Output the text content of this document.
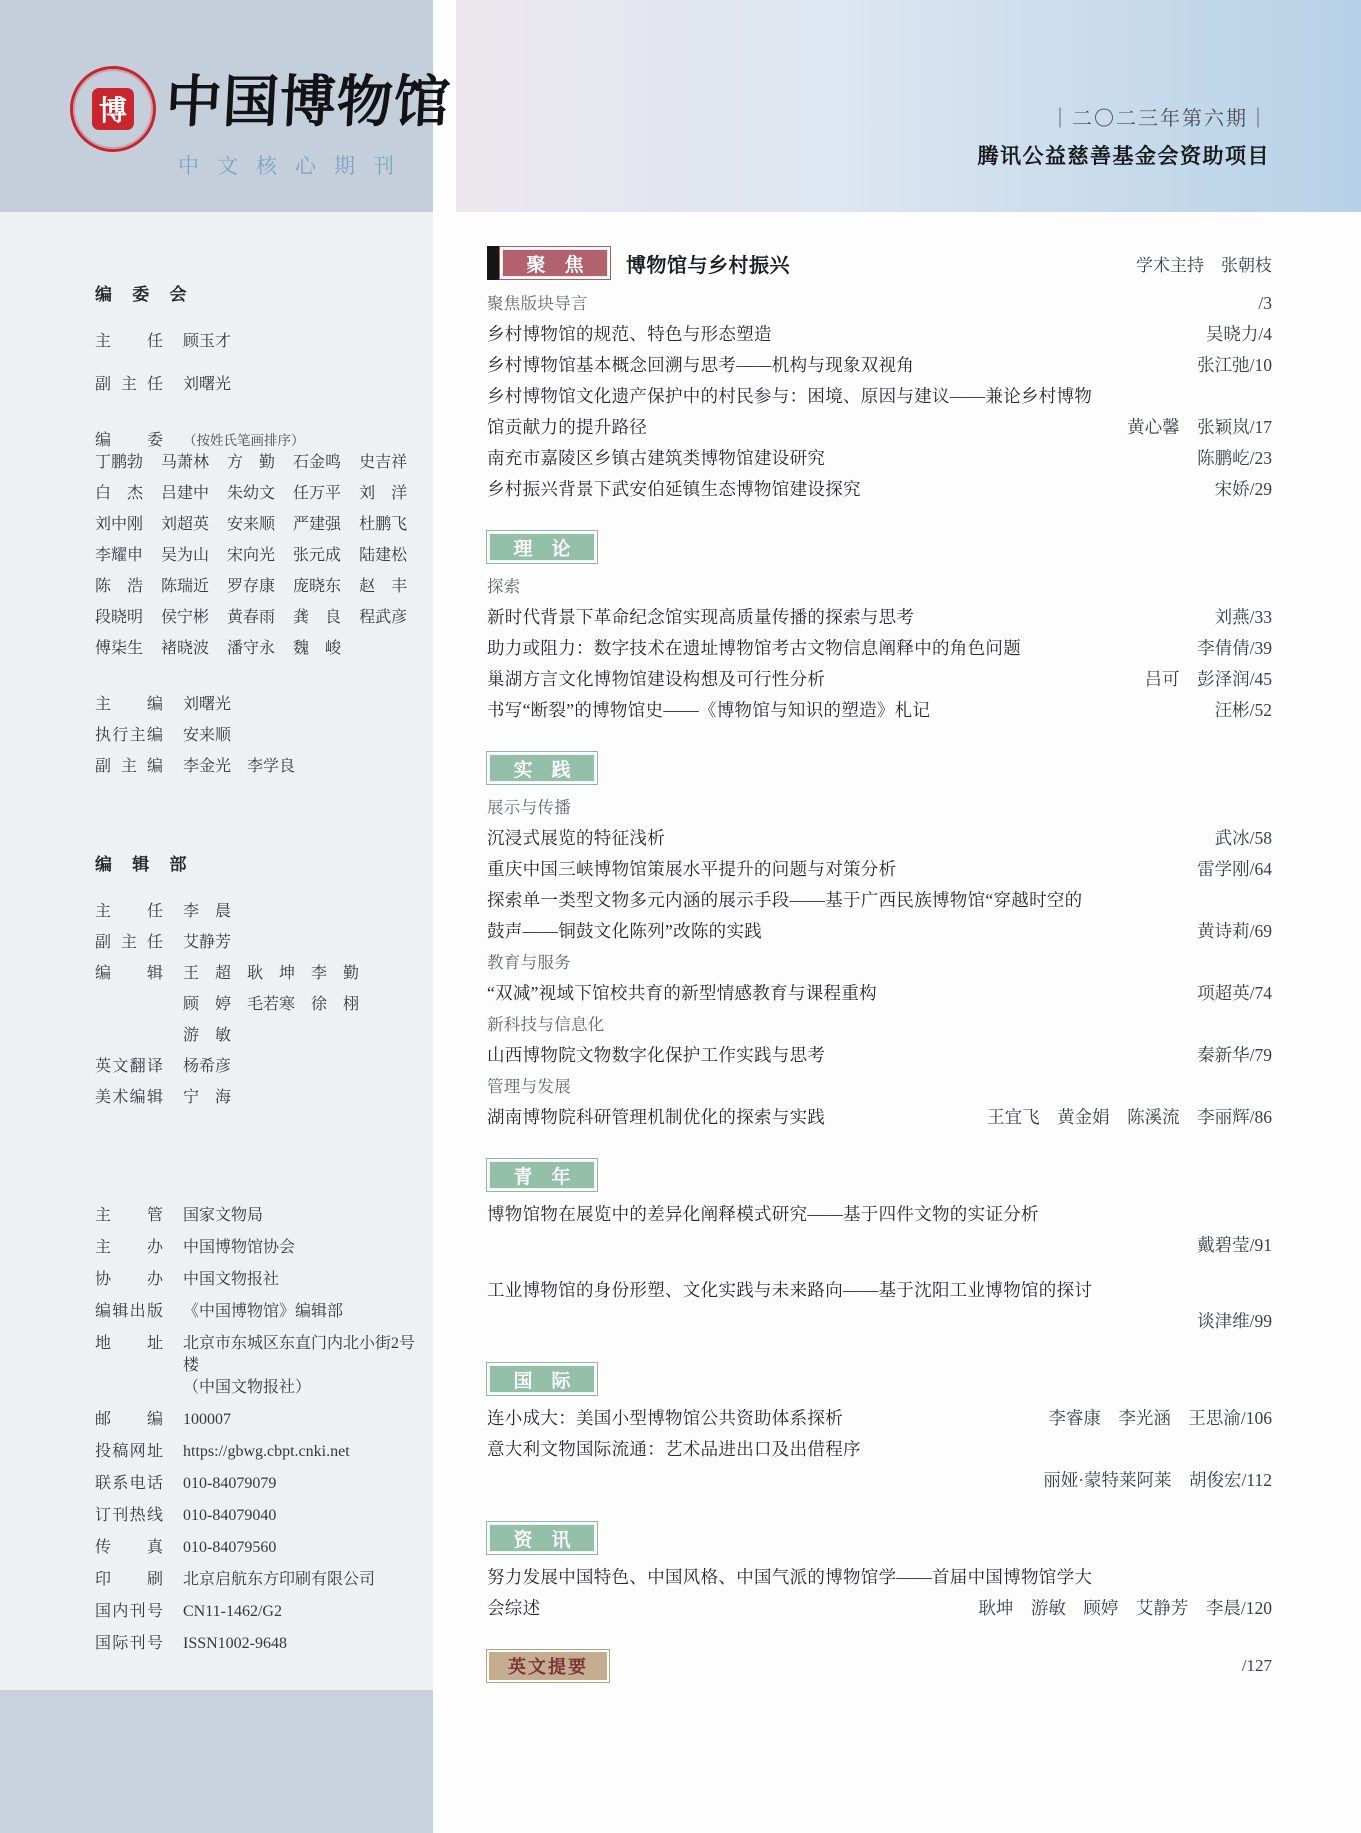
博 中国博物馆
中文核心期刊
｜二〇二三年第六期｜
腾讯公益慈善基金会资助项目
编 委 会
主任 顾玉才
副主任 刘曙光
编委 （按姓氏笔画排序）
丁鹏勃 马萧林 方　勤 石金鸣 史吉祥
白　杰 吕建中 朱幼文 任万平 刘　洋
刘中刚 刘超英 安来顺 严建强 杜鹏飞
李耀申 吴为山 宋向光 张元成 陆建松
陈　浩 陈瑞近 罗存康 庞晓东 赵　丰
段晓明 侯宁彬 黄春雨 龚　良 程武彦
傅柒生 褚晓波 潘守永 魏　峻
主编 刘曙光
执行主编 安来顺
副主编 李金光　李学良
编 辑 部
主任 李　晨
副主任 艾静芳
编辑 王　超　耿　坤　李　勤
顾　婷　毛若寒　徐　栩
游　敏
英文翻译 杨希彦
美术编辑 宁　海
主管 国家文物局
主办 中国博物馆协会
协办 中国文物报社
编辑出版 《中国博物馆》编辑部
地址 北京市东城区东直门内北小街2号楼
（中国文物报社）
邮编 100007
投稿网址 https://gbwg.cbpt.cnki.net
联系电话 010-84079079
订刊热线 010-84079040
传真 010-84079560
印刷 北京启航东方印刷有限公司
国内刊号 CN11-1462/G2
国际刊号 ISSN1002-9648
聚　焦	博物馆与乡村振兴	学术主持　张朝枝
聚焦版块导言	/3
乡村博物馆的规范、特色与形态塑造	吴晓力/4
乡村博物馆基本概念回溯与思考——机构与现象双视角	张江弛/10
乡村博物馆文化遗产保护中的村民参与：困境、原因与建议——兼论乡村博物
馆贡献力的提升路径	黄心馨　张颖岚/17
南充市嘉陵区乡镇古建筑类博物馆建设研究	陈鹏屹/23
乡村振兴背景下武安伯延镇生态博物馆建设探究	宋娇/29
理　论
探索
新时代背景下革命纪念馆实现高质量传播的探索与思考	刘燕/33
助力或阻力：数字技术在遗址博物馆考古文物信息阐释中的角色问题	李倩倩/39
巢湖方言文化博物馆建设构想及可行性分析	吕可　彭泽润/45
书写“断裂”的博物馆史——《博物馆与知识的塑造》札记	汪彬/52
实　践
展示与传播
沉浸式展览的特征浅析	武冰/58
重庆中国三峡博物馆策展水平提升的问题与对策分析	雷学刚/64
探索单一类型文物多元内涵的展示手段——基于广西民族博物馆“穿越时空的
鼓声——铜鼓文化陈列”改陈的实践	黄诗莉/69
教育与服务
“双减”视域下馆校共育的新型情感教育与课程重构	项超英/74
新科技与信息化
山西博物院文物数字化保护工作实践与思考	秦新华/79
管理与发展
湖南博物院科研管理机制优化的探索与实践	王宜飞　黄金娟　陈溪流　李丽辉/86
青　年
博物馆物在展览中的差异化阐释模式研究——基于四件文物的实证分析
戴碧莹/91
工业博物馆的身份形塑、文化实践与未来路向——基于沈阳工业博物馆的探讨
谈津维/99
国　际
连小成大：美国小型博物馆公共资助体系探析	李睿康　李光涵　王思渝/106
意大利文物国际流通：艺术品进出口及出借程序
丽娅·蒙特莱阿莱　胡俊宏/112
资　讯
努力发展中国特色、中国风格、中国气派的博物馆学——首届中国博物馆学大
会综述	耿坤　游敏　顾婷　艾静芳　李晨/120
英文提要	/127
